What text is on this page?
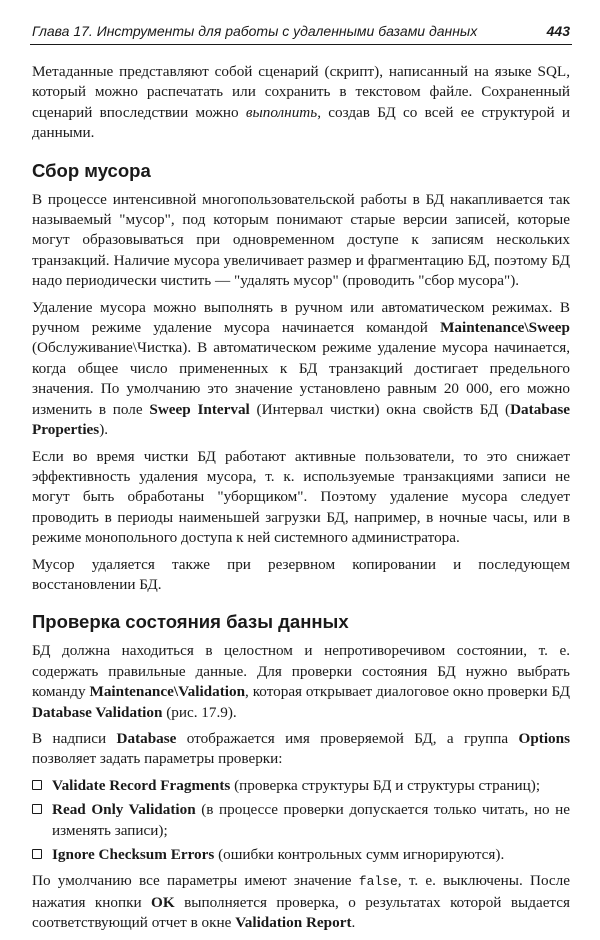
Глава 17. Инструменты для работы с удаленными базами данных	443

Метаданные представляют собой сценарий (скрипт), написанный на языке SQL, который можно распечатать или сохранить в текстовом файле. Сохраненный сценарий впоследствии можно выполнить, создав БД со всей ее структурой и данными.

Сбор мусора

В процессе интенсивной многопользовательской работы в БД накапливается так называемый "мусор", под которым понимают старые версии записей, которые могут образовываться при одновременном доступе к записям нескольких транзакций. Наличие мусора увеличивает размер и фрагментацию БД, поэтому БД надо периодически чистить — "удалять мусор" (проводить "сбор мусора").

Удаление мусора можно выполнять в ручном или автоматическом режимах. В ручном режиме удаление мусора начинается командой Maintenance\Sweep (Обслуживание\Чистка). В автоматическом режиме удаление мусора начинается, когда общее число примененных к БД транзакций достигает предельного значения. По умолчанию это значение установлено равным 20 000, его можно изменить в поле Sweep Interval (Интервал чистки) окна свойств БД (Database Properties).

Если во время чистки БД работают активные пользователи, то это снижает эффективность удаления мусора, т. к. используемые транзакциями записи не могут быть обработаны "уборщиком". Поэтому удаление мусора следует проводить в периоды наименьшей загрузки БД, например, в ночные часы, или в режиме монопольного доступа к ней системного администратора.

Мусор удаляется также при резервном копировании и последующем восстановлении БД.

Проверка состояния базы данных

БД должна находиться в целостном и непротиворечивом состоянии, т. е. содержать правильные данные. Для проверки состояния БД нужно выбрать команду Maintenance\Validation, которая открывает диалоговое окно проверки БД Database Validation (рис. 17.9).

В надписи Database отображается имя проверяемой БД, а группа Options позволяет задать параметры проверки:

Validate Record Fragments (проверка структуры БД и структуры страниц);
Read Only Validation (в процессе проверки допускается только читать, но не изменять записи);
Ignore Checksum Errors (ошибки контрольных сумм игнорируются).

По умолчанию все параметры имеют значение false, т. е. выключены. После нажатия кнопки OK выполняется проверка, о результатах которой выдается соответствующий отчет в окне Validation Report.
